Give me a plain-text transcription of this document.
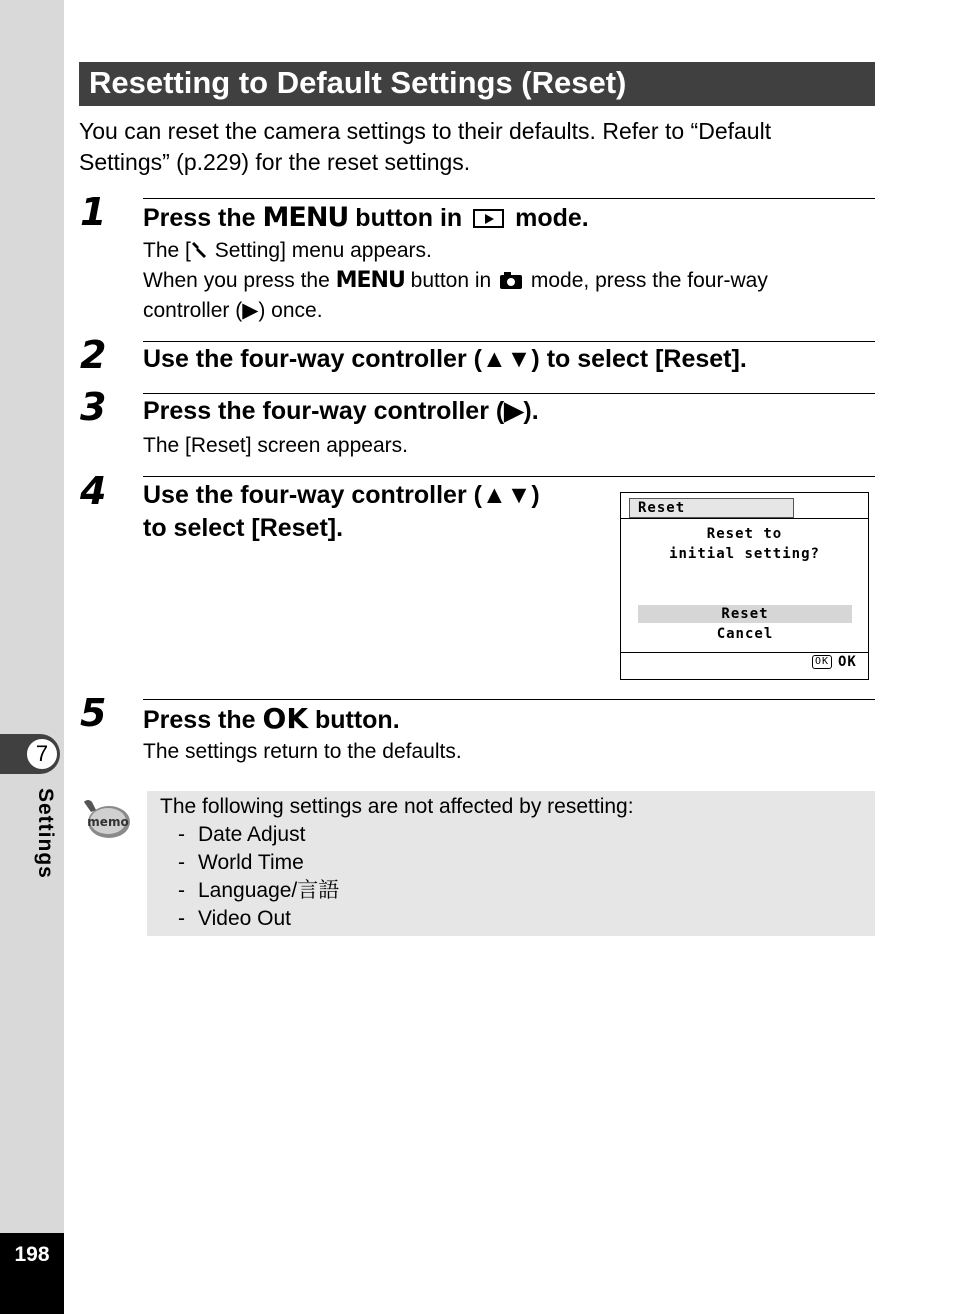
7
Settings
198
Resetting to Default Settings (Reset)
You can reset the camera settings to their defaults. Refer to “Default
Settings” (p.229) for the reset settings.
1 Press the MENU button in  mode.
The [ Setting] menu appears.
When you press the MENU button in  mode, press the four-way
controller (▶) once.
2 Use the four-way controller (▲▼) to select [Reset].
3 Press the four-way controller (▶).
The [Reset] screen appears.
4 Use the four-way controller (▲▼)
to select [Reset].
Reset
Reset to
initial setting?
Reset
Cancel
OK OK
5 Press the OK button.
The settings return to the defaults.
memo
The following settings are not affected by resetting:
- Date Adjust
- World Time
- Language/言語
- Video Out
